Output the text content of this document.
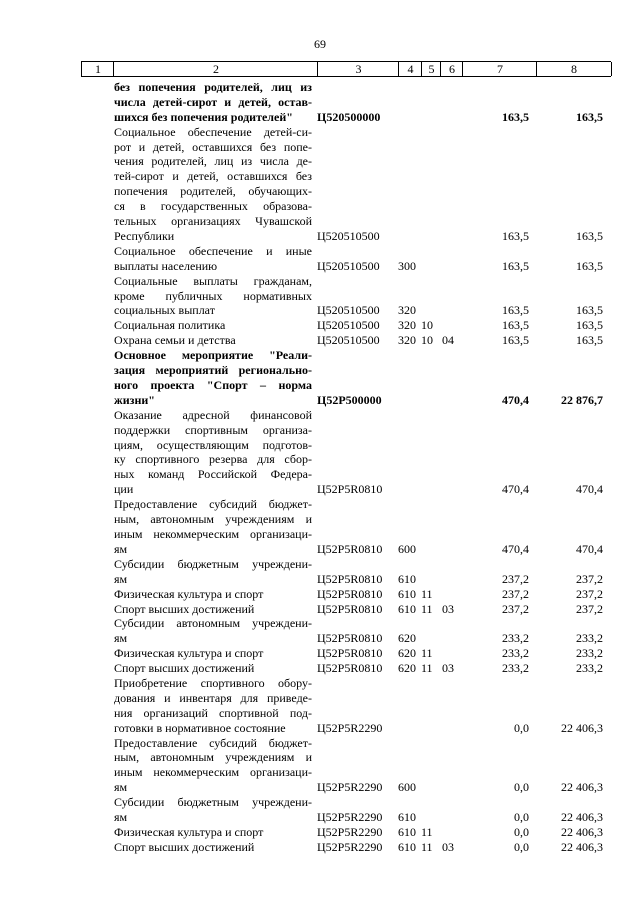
69
1	2	3	4	5	6	7	8
без попечения родителей, лиц из
числа детей-сирот и детей, остав-
шихся без попечения родителей"	Ц520500000	163,5	163,5
Социальное обеспечение детей-си-
рот и детей, оставшихся без попе-
чения родителей, лиц из числа де-
тей-сирот и детей, оставшихся без
попечения родителей, обучающих-
ся в государственных образова-
тельных организациях Чувашской
Республики	Ц520510500	163,5	163,5
Социальное обеспечение и иные
выплаты населению	Ц520510500 300	163,5	163,5
Социальные выплаты гражданам,
кроме публичных нормативных
социальных выплат	Ц520510500 320	163,5	163,5
Социальная политика	Ц520510500 320 10	163,5	163,5
Охрана семьи и детства	Ц520510500 320 10 04	163,5	163,5
Основное мероприятие "Реали-
зация мероприятий регионально-
ного проекта "Спорт – норма
жизни"	Ц52Р500000	470,4	22 876,7
Оказание адресной финансовой
поддержки спортивным организа-
циям, осуществляющим подготов-
ку спортивного резерва для сбор-
ных команд Российской Федера-
ции	Ц52Р5R0810	470,4	470,4
Предоставление субсидий бюджет-
ным, автономным учреждениям и
иным некоммерческим организаци-
ям	Ц52Р5R0810 600	470,4	470,4
Субсидии бюджетным учреждени-
ям	Ц52Р5R0810 610	237,2	237,2
Физическая культура и спорт	Ц52Р5R0810 610 11	237,2	237,2
Спорт высших достижений	Ц52Р5R0810 610 11 03	237,2	237,2
Субсидии автономным учреждени-
ям	Ц52Р5R0810 620	233,2	233,2
Физическая культура и спорт	Ц52Р5R0810 620 11	233,2	233,2
Спорт высших достижений	Ц52Р5R0810 620 11 03	233,2	233,2
Приобретение спортивного обору-
дования и инвентаря для приведе-
ния организаций спортивной под-
готовки в нормативное состояние	Ц52Р5R2290	0,0	22 406,3
Предоставление субсидий бюджет-
ным, автономным учреждениям и
иным некоммерческим организаци-
ям	Ц52Р5R2290 600	0,0	22 406,3
Субсидии бюджетным учреждени-
ям	Ц52Р5R2290 610	0,0	22 406,3
Физическая культура и спорт	Ц52Р5R2290 610 11	0,0	22 406,3
Спорт высших достижений	Ц52Р5R2290 610 11 03	0,0	22 406,3
